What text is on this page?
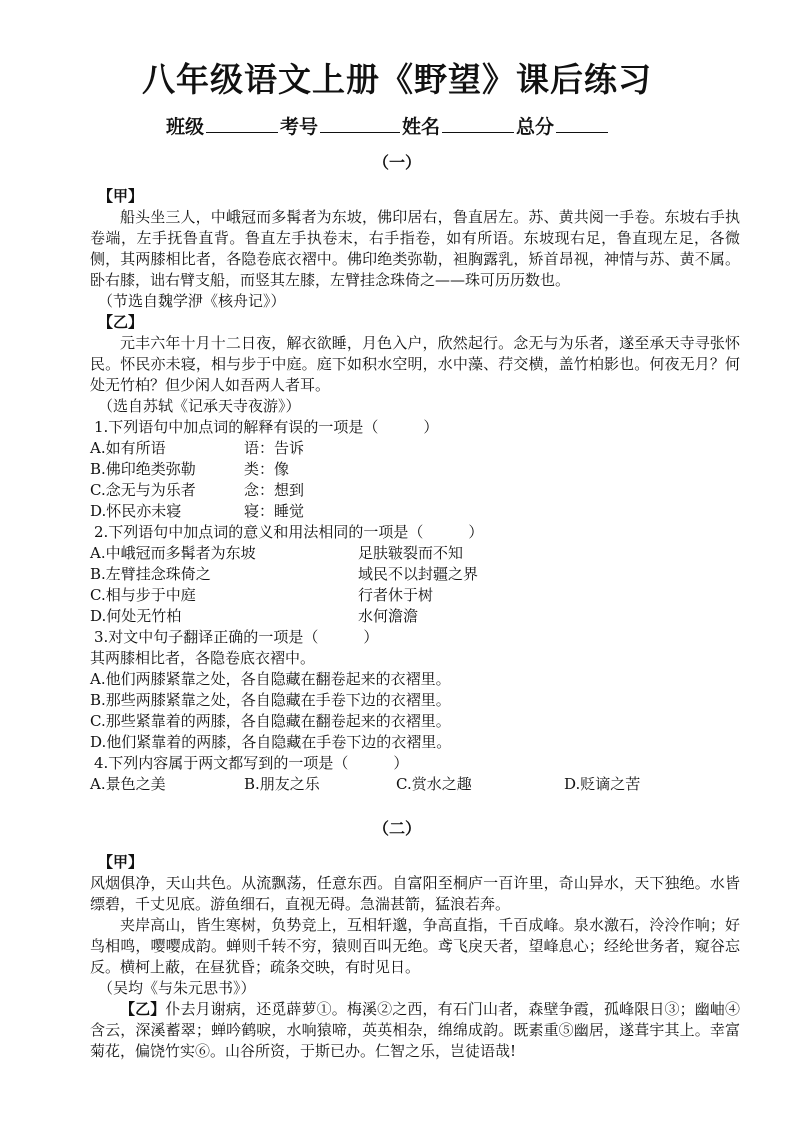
八年级语文上册《野望》课后练习
班级	考号	姓名	总分
（一）

【甲】

船头坐三人，中峨冠而多髯者为东坡，佛印居右，鲁直居左。苏、黄共阅一手卷。东坡右手执卷端，左手抚鲁直背。鲁直左手执卷末，右手指卷，如有所语。东坡现右足，鲁直现左足，各微侧，其两膝相比者，各隐卷底衣褶中。佛印绝类弥勒，袒胸露乳，矫首昂视，神情与苏、黄不属。卧右膝，诎右臂支船，而竖其左膝，左臂挂念珠倚之——珠可历历数也。

（节选自魏学洢《核舟记》）

【乙】

元丰六年十月十二日夜，解衣欲睡，月色入户，欣然起行。念无与为乐者，遂至承天寺寻张怀民。怀民亦未寝，相与步于中庭。庭下如积水空明，水中藻、荇交横，盖竹柏影也。何夜无月？何处无竹柏？但少闲人如吾两人者耳。

（选自苏轼《记承天寺夜游》）

1.下列语句中加点词的解释有误的一项是（　　　）

A.如有所语	语：告诉
B.佛印绝类弥勒	类：像
C.念无与为乐者	念：想到
D.怀民亦未寝	寝：睡觉

2.下列语句中加点词的意义和用法相同的一项是（　　　）

A.中峨冠而多髯者为东坡	足肤皲裂而不知
B.左臂挂念珠倚之	域民不以封疆之界
C.相与步于中庭	行者休于树
D.何处无竹柏	水何澹澹

3.对文中句子翻译正确的一项是（　　　）

其两膝相比者，各隐卷底衣褶中。

A.他们两膝紧靠之处，各自隐藏在翻卷起来的衣褶里。

B.那些两膝紧靠之处，各自隐藏在手卷下边的衣褶里。

C.那些紧靠着的两膝，各自隐藏在翻卷起来的衣褶里。

D.他们紧靠着的两膝，各自隐藏在手卷下边的衣褶里。

4.下列内容属于两文都写到的一项是（　　　）

A.景色之美	B.朋友之乐	C.赏水之趣	D.贬谪之苦
（二）

【甲】

风烟俱净，天山共色。从流飘荡，任意东西。自富阳至桐庐一百许里，奇山异水，天下独绝。水皆缥碧，千丈见底。游鱼细石，直视无碍。急湍甚箭，猛浪若奔。

夹岸高山，皆生寒树，负势竞上，互相轩邈，争高直指，千百成峰。泉水激石，泠泠作响；好鸟相鸣，嘤嘤成韵。蝉则千转不穷，猿则百叫无绝。鸢飞戾天者，望峰息心；经纶世务者，窥谷忘反。横柯上蔽，在昼犹昏；疏条交映，有时见日。

（吴均《与朱元思书》）

【乙】仆去月谢病，还觅薜萝①。梅溪②之西，有石门山者，森壁争霞，孤峰限日③；幽岫④含云，深溪蓄翠；蝉吟鹤唳，水响猿啼，英英相杂，绵绵成韵。既素重⑤幽居，遂葺宇其上。幸富菊花，偏饶竹实⑥。山谷所资，于斯已办。仁智之乐，岂徒语哉!
